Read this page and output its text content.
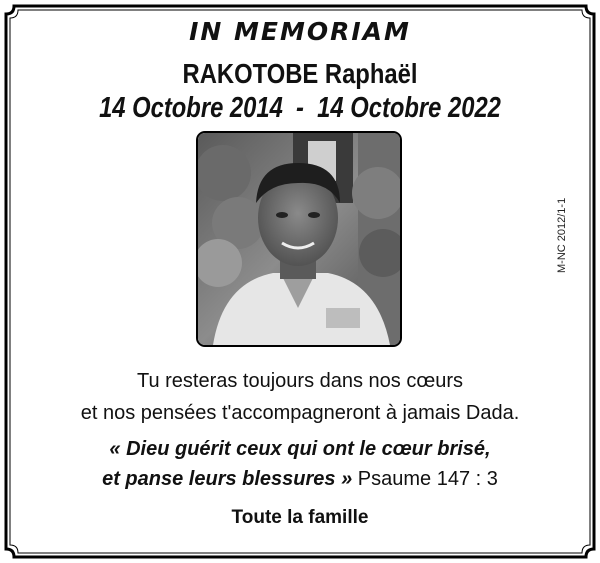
IN MEMORIAM
RAKOTOBE Raphaël
14 Octobre 2014  -  14 Octobre 2022
M-NC 2012/1-1
Tu resteras toujours dans nos cœurs
et nos pensées t'accompagneront à jamais Dada.
« Dieu guérit ceux qui ont le cœur brisé,
et panse leurs blessures » Psaume 147 : 3
Toute la famille
